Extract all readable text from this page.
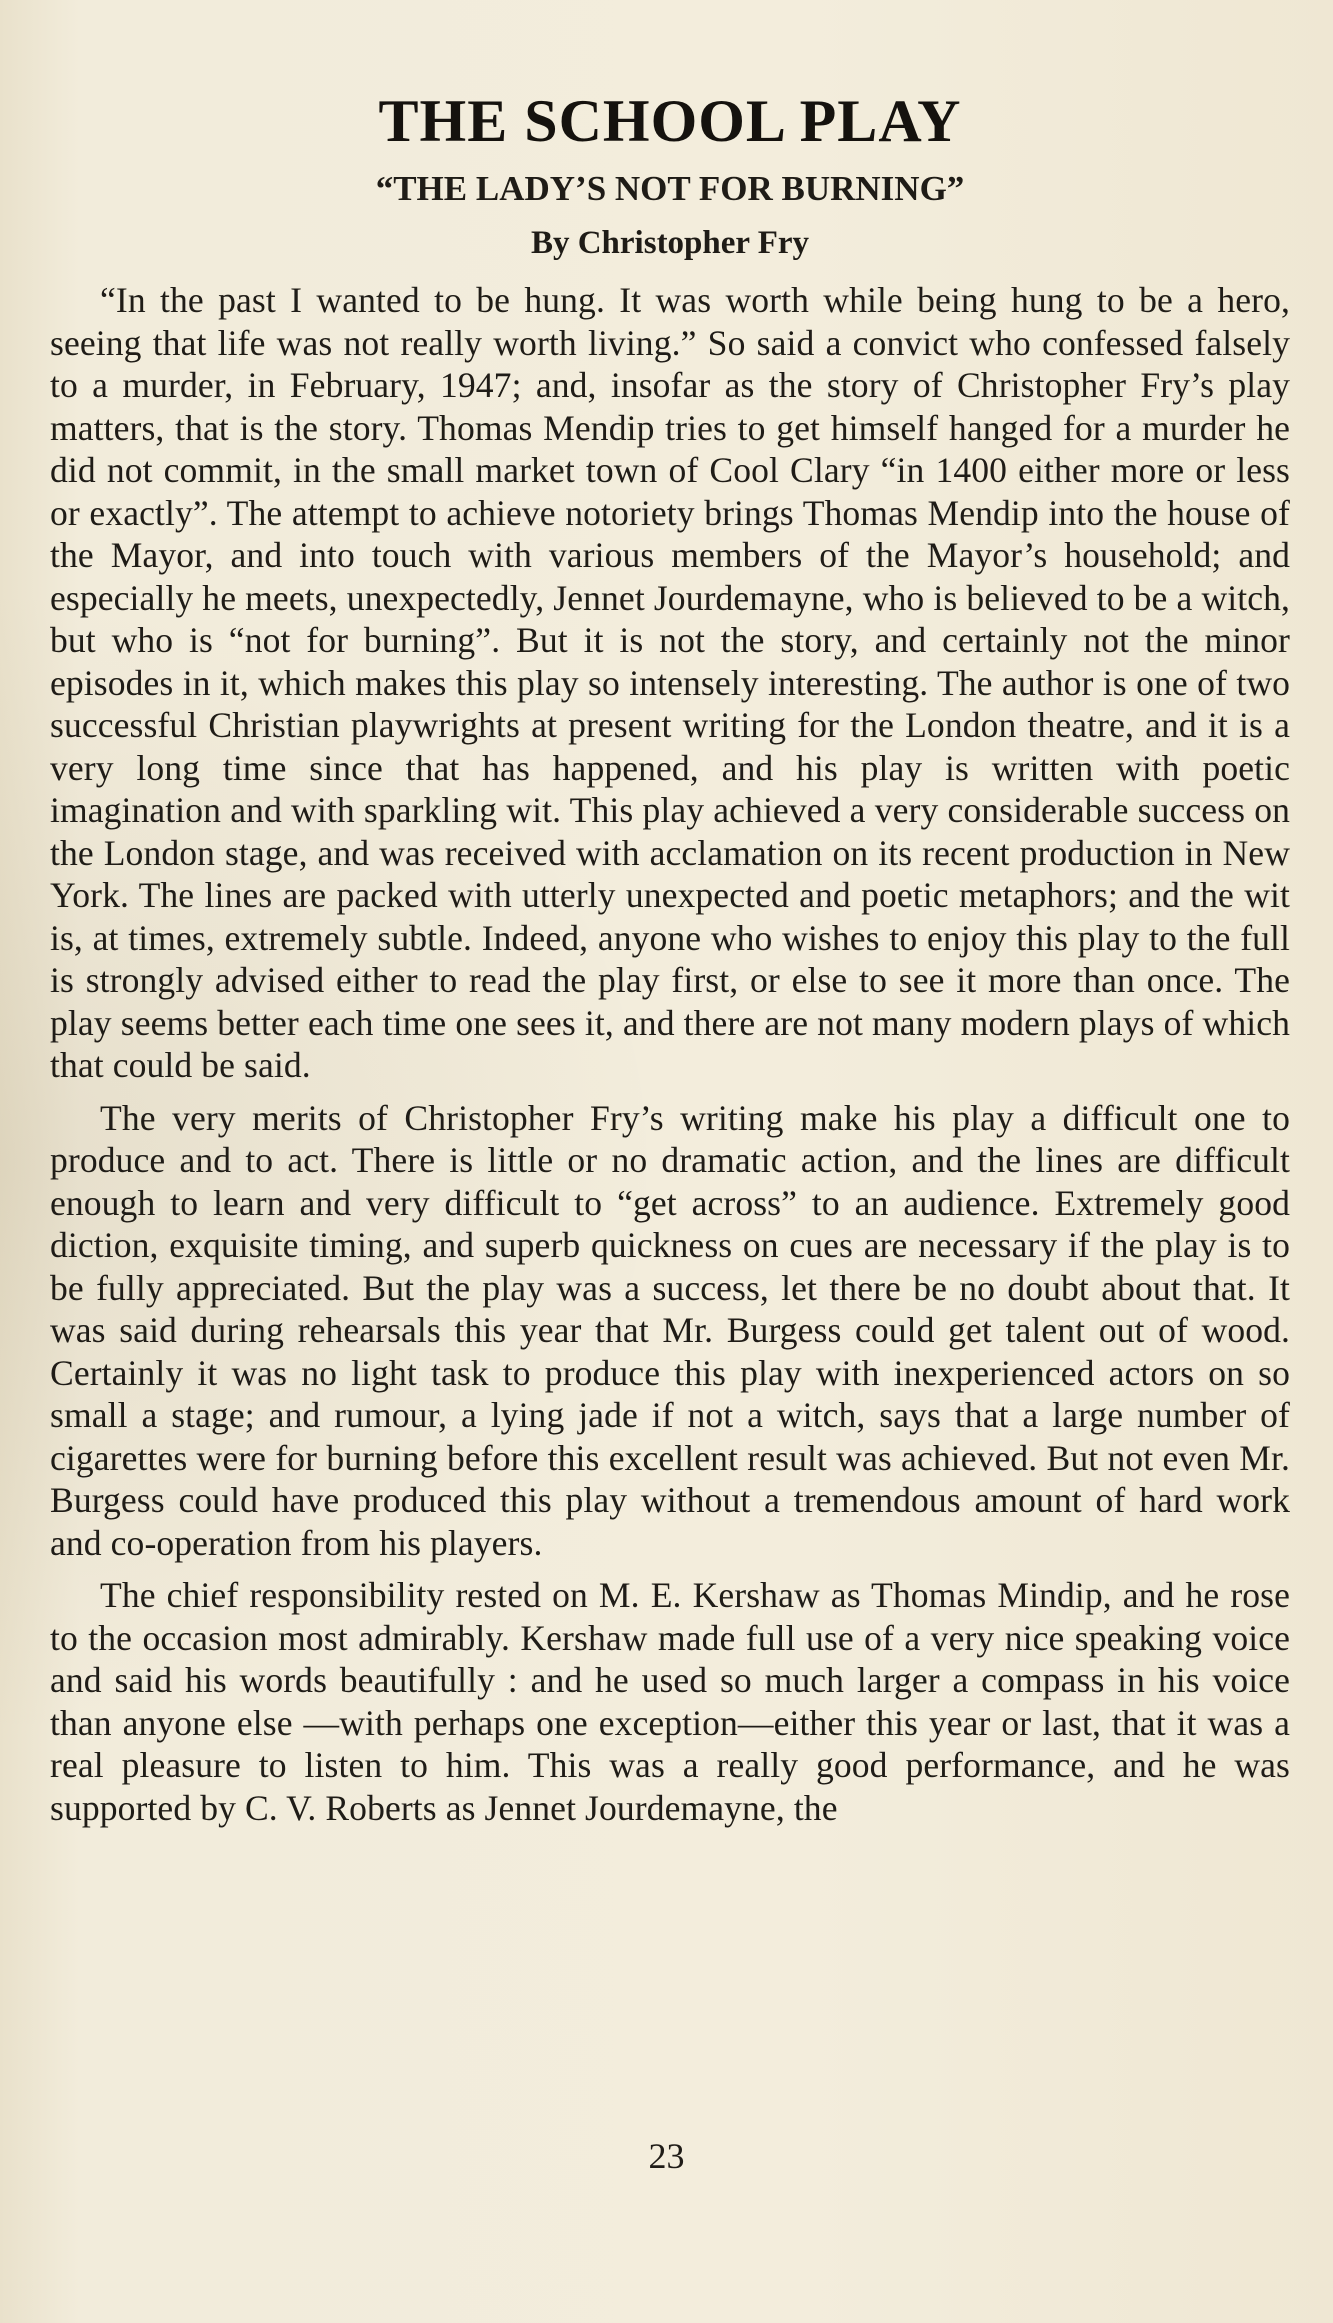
THE SCHOOL PLAY
“THE LADY’S NOT FOR BURNING”
By Christopher Fry

“In the past I wanted to be hung. It was worth while being hung to be a hero, seeing that life was not really worth living.” So said a convict who confessed falsely to a murder, in February, 1947; and, insofar as the story of Christopher Fry’s play matters, that is the story. Thomas Mendip tries to get himself hanged for a murder he did not commit, in the small market town of Cool Clary “in 1400 either more or less or exactly”. The attempt to achieve notoriety brings Thomas Mendip into the house of the Mayor, and into touch with various members of the Mayor’s household; and especially he meets, unexpectedly, Jennet Jourdemayne, who is believed to be a witch, but who is “not for burning”. But it is not the story, and certainly not the minor episodes in it, which makes this play so intensely interesting. The author is one of two successful Christian playwrights at present writing for the London theatre, and it is a very long time since that has happened, and his play is written with poetic imagination and with sparkling wit. This play achieved a very considerable success on the London stage, and was received with acclamation on its recent production in New York. The lines are packed with utterly unexpected and poetic metaphors; and the wit is, at times, extremely subtle. Indeed, anyone who wishes to enjoy this play to the full is strongly advised either to read the play first, or else to see it more than once. The play seems better each time one sees it, and there are not many modern plays of which that could be said.

The very merits of Christopher Fry’s writing make his play a difficult one to produce and to act. There is little or no dramatic action, and the lines are difficult enough to learn and very difficult to “get across” to an audience. Extremely good diction, exquisite timing, and superb quickness on cues are necessary if the play is to be fully appreciated. But the play was a success, let there be no doubt about that. It was said during rehearsals this year that Mr. Burgess could get talent out of wood. Certainly it was no light task to produce this play with inexperienced actors on so small a stage; and rumour, a lying jade if not a witch, says that a large number of cigarettes were for burning before this excellent result was achieved. But not even Mr. Burgess could have produced this play without a tremendous amount of hard work and co-operation from his players.

The chief responsibility rested on M. E. Kershaw as Thomas Mindip, and he rose to the occasion most admirably. Kershaw made full use of a very nice speaking voice and said his words beautifully : and he used so much larger a compass in his voice than anyone else —with perhaps one exception—either this year or last, that it was a real pleasure to listen to him. This was a really good performance, and he was supported by C. V. Roberts as Jennet Jourdemayne, the

23
